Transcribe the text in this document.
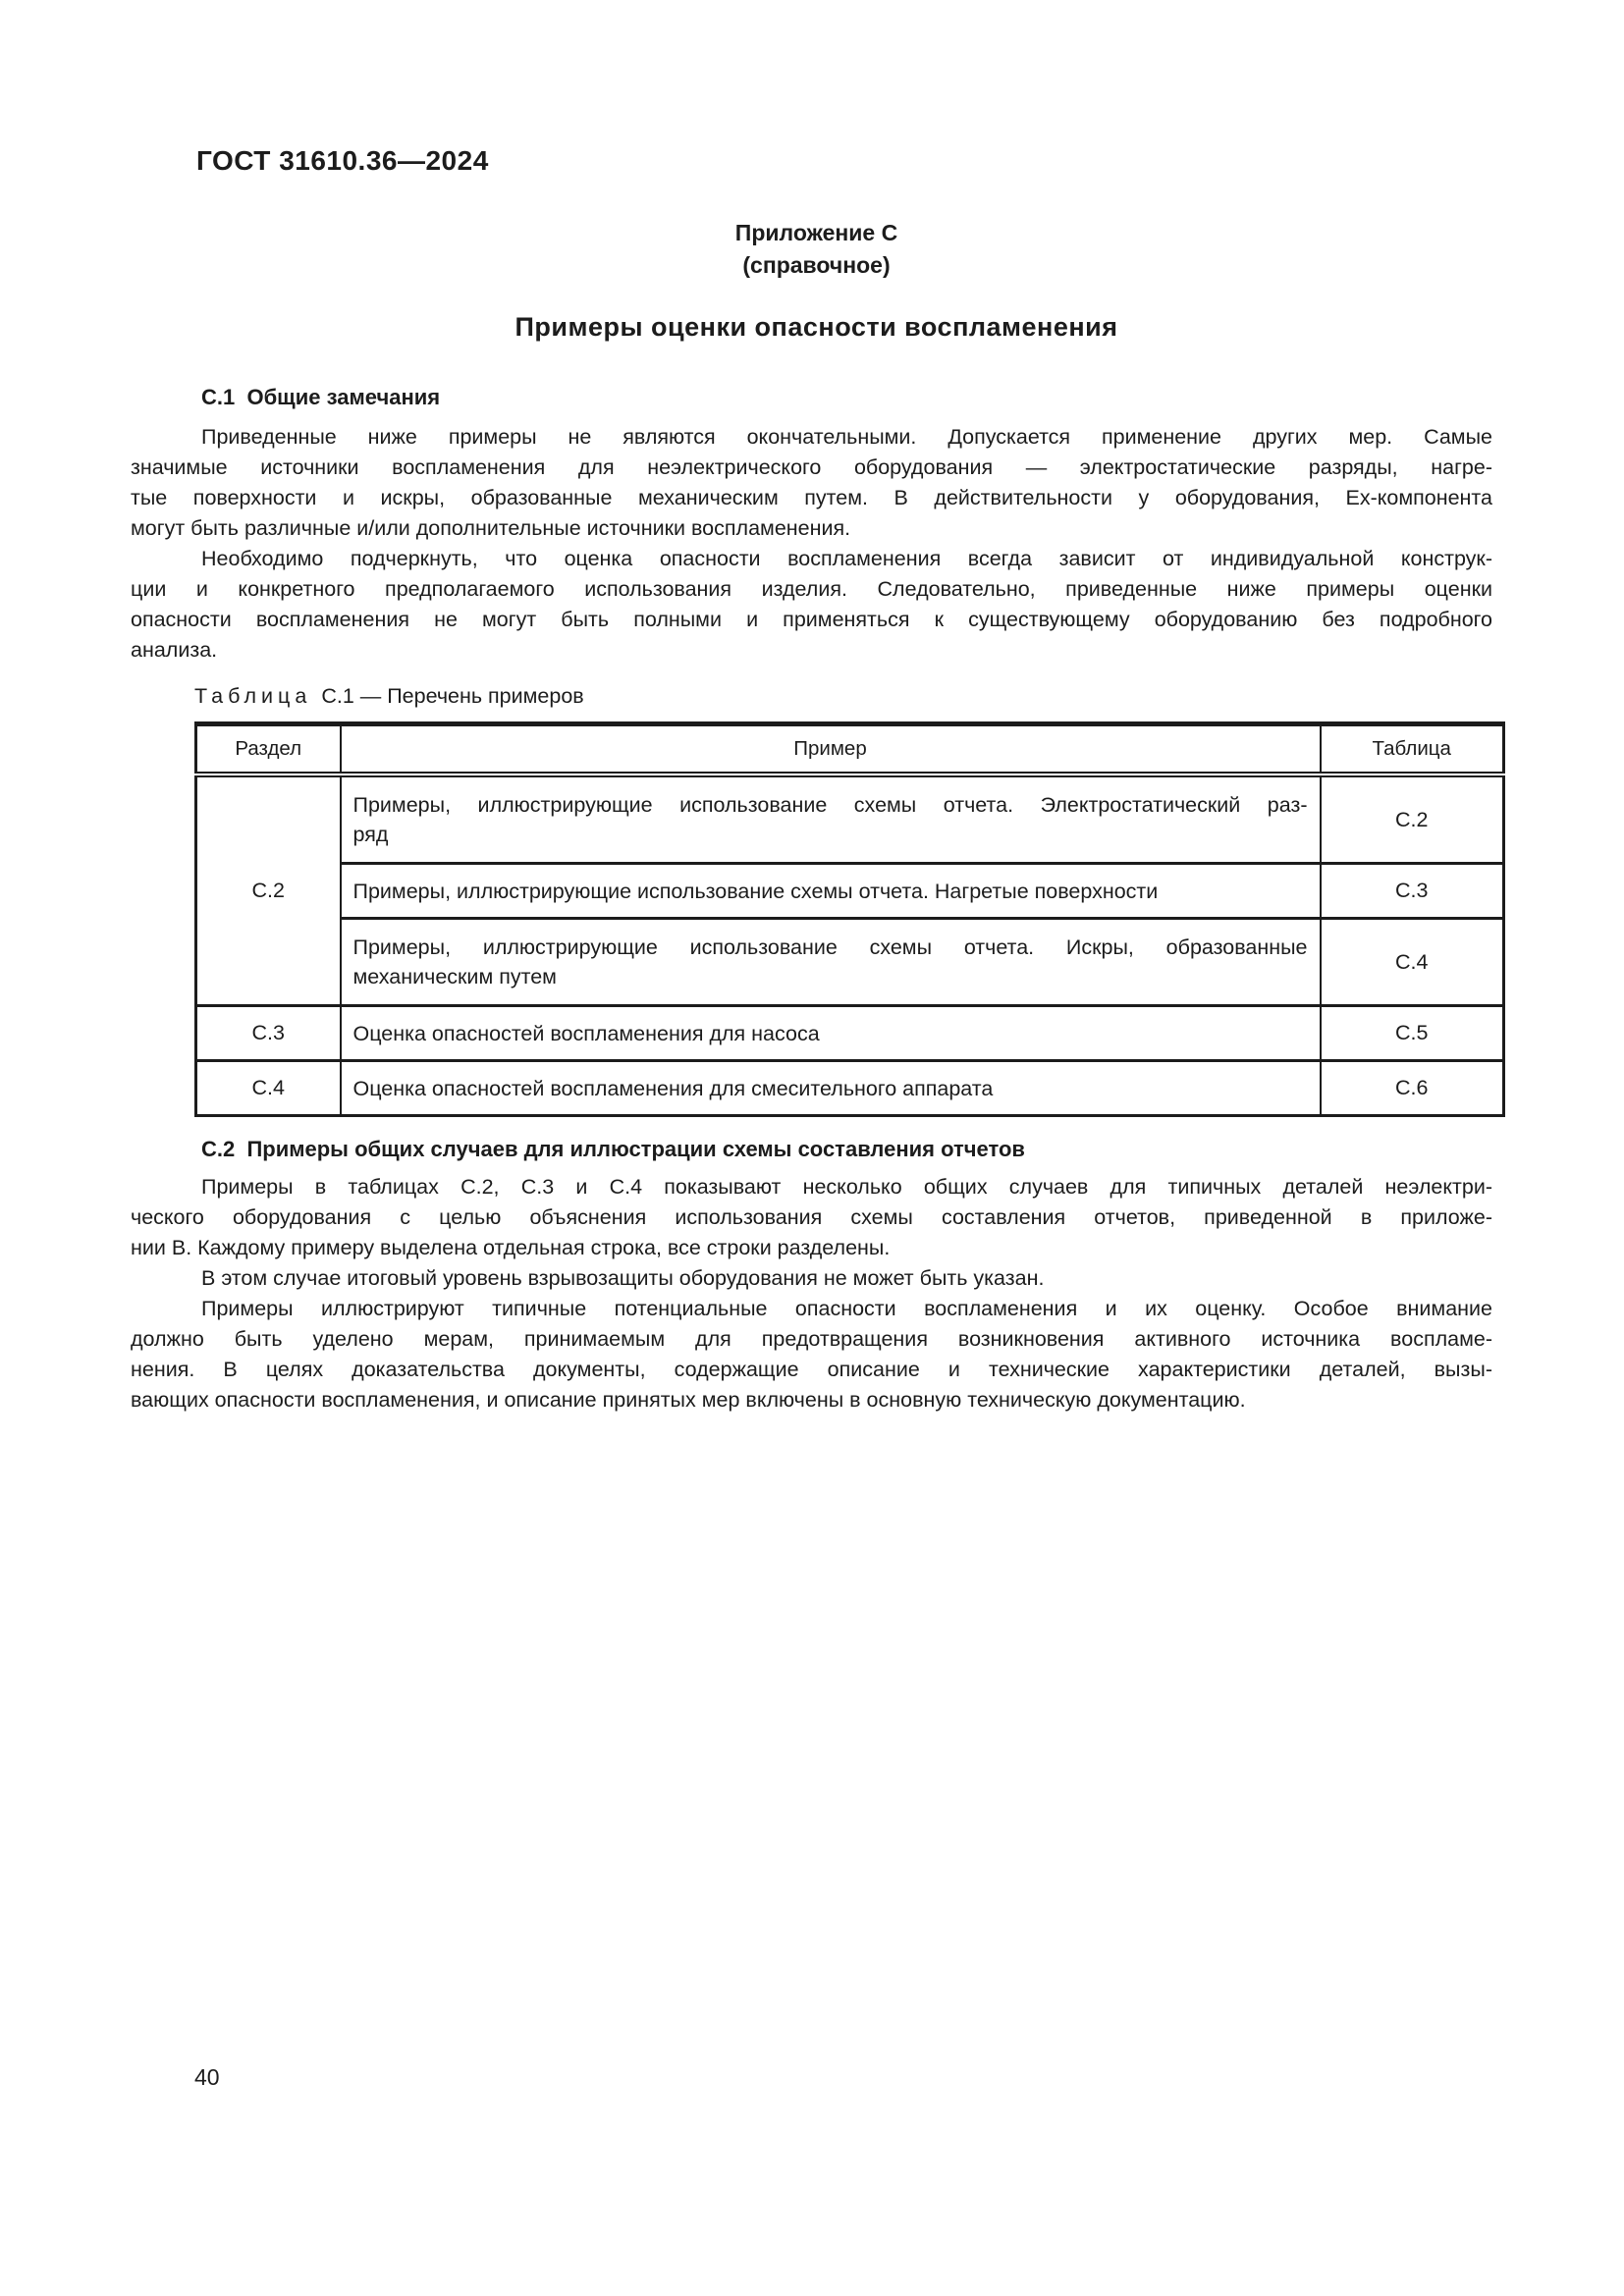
ГОСТ 31610.36—2024
Приложение С
(справочное)
Примеры оценки опасности воспламенения
С.1  Общие замечания
Приведенные ниже примеры не являются окончательными. Допускается применение других мер. Самые
значимые источники воспламенения для неэлектрического оборудования — электростатические разряды, нагре-
тые поверхности и искры, образованные механическим путем. В действительности у оборудования, Ex-компонента
могут быть различные и/или дополнительные источники воспламенения.
Необходимо подчеркнуть, что оценка опасности воспламенения всегда зависит от индивидуальной конструк-
ции и конкретного предполагаемого использования изделия. Следовательно, приведенные ниже примеры оценки
опасности воспламенения не могут быть полными и применяться к существующему оборудованию без подробного
анализа.
Таблица С.1 — Перечень примеров
Раздел	Пример	Таблица
С.2	Примеры, иллюстрирующие использование схемы отчета. Электростатический раз-
ряд	С.2

	Примеры, иллюстрирующие использование схемы отчета. Нагретые поверхности	С.3

	Примеры, иллюстрирующие использование схемы отчета. Искры, образованные
механическим путем	С.4
С.3	Оценка опасностей воспламенения для насоса	С.5
С.4	Оценка опасностей воспламенения для смесительного аппарата	С.6
С.2  Примеры общих случаев для иллюстрации схемы составления отчетов
Примеры в таблицах С.2, С.3 и С.4 показывают несколько общих случаев для типичных деталей неэлектри-
ческого оборудования с целью объяснения использования схемы составления отчетов, приведенной в приложе-
нии В. Каждому примеру выделена отдельная строка, все строки разделены.
В этом случае итоговый уровень взрывозащиты оборудования не может быть указан.
Примеры иллюстрируют типичные потенциальные опасности воспламенения и их оценку. Особое внимание
должно быть уделено мерам, принимаемым для предотвращения возникновения активного источника воспламе-
нения. В целях доказательства документы, содержащие описание и технические характеристики деталей, вызы-
вающих опасности воспламенения, и описание принятых мер включены в основную техническую документацию.
40
